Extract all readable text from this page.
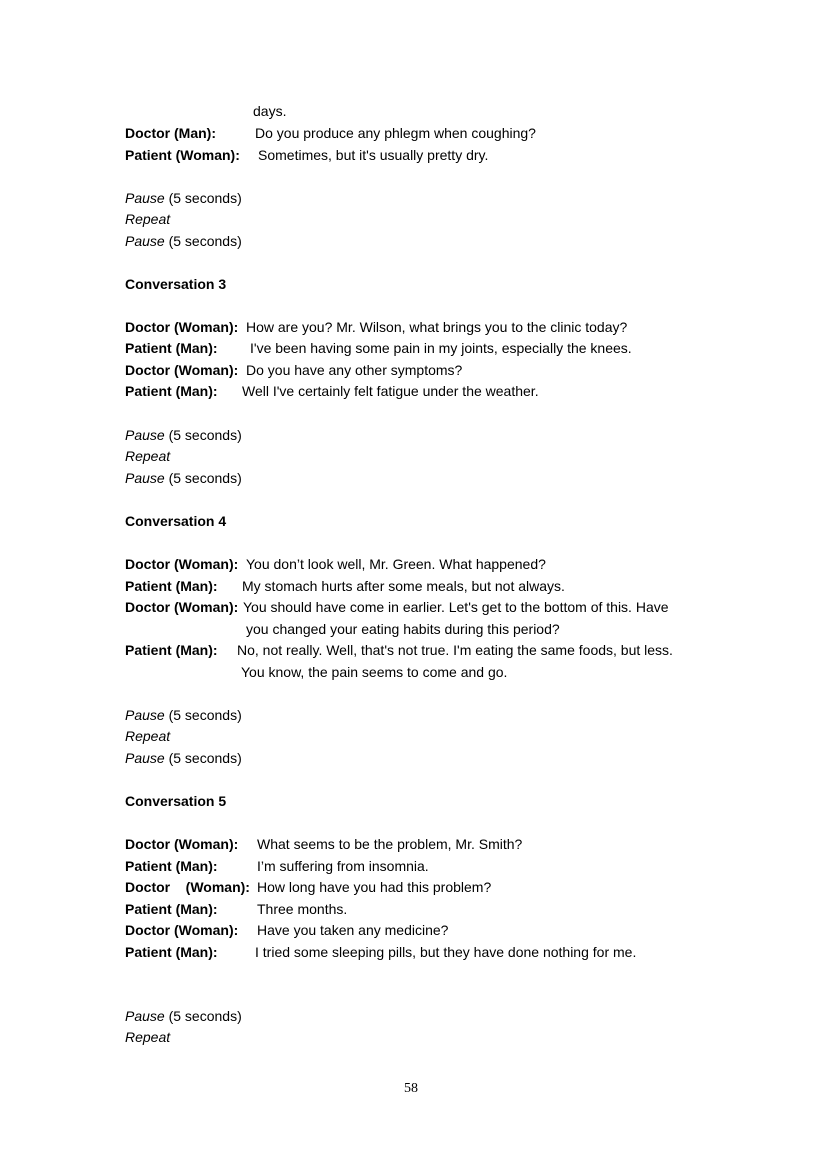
days.
Doctor (Man):	Do you produce any phlegm when coughing?
Patient (Woman): Sometimes, but it's usually pretty dry.
Pause (5 seconds)
Repeat
Pause (5 seconds)
Conversation 3
Doctor (Woman): How are you? Mr. Wilson, what brings you to the clinic today?
Patient (Man): I've been having some pain in my joints, especially the knees.
Doctor (Woman): Do you have any other symptoms?
Patient (Man): Well I've certainly felt fatigue under the weather.
Pause (5 seconds)
Repeat
Pause (5 seconds)
Conversation 4
Doctor (Woman): You don’t look well, Mr. Green. What happened?
Patient (Man): My stomach hurts after some meals, but not always.
Doctor (Woman): You should have come in earlier. Let's get to the bottom of this. Have
you changed your eating habits during this period?
Patient (Man): No, not really. Well, that's not true. I'm eating the same foods, but less.
You know, the pain seems to come and go.
Pause (5 seconds)
Repeat
Pause (5 seconds)
Conversation 5
Doctor (Woman): What seems to be the problem, Mr. Smith?
Patient (Man):	I’m suffering from insomnia.
Doctor    (Woman): How long have you had this problem?
Patient (Man):	Three months.
Doctor (Woman): Have you taken any medicine?
Patient (Man):	I tried some sleeping pills, but they have done nothing for me.
Pause (5 seconds)
Repeat
58
